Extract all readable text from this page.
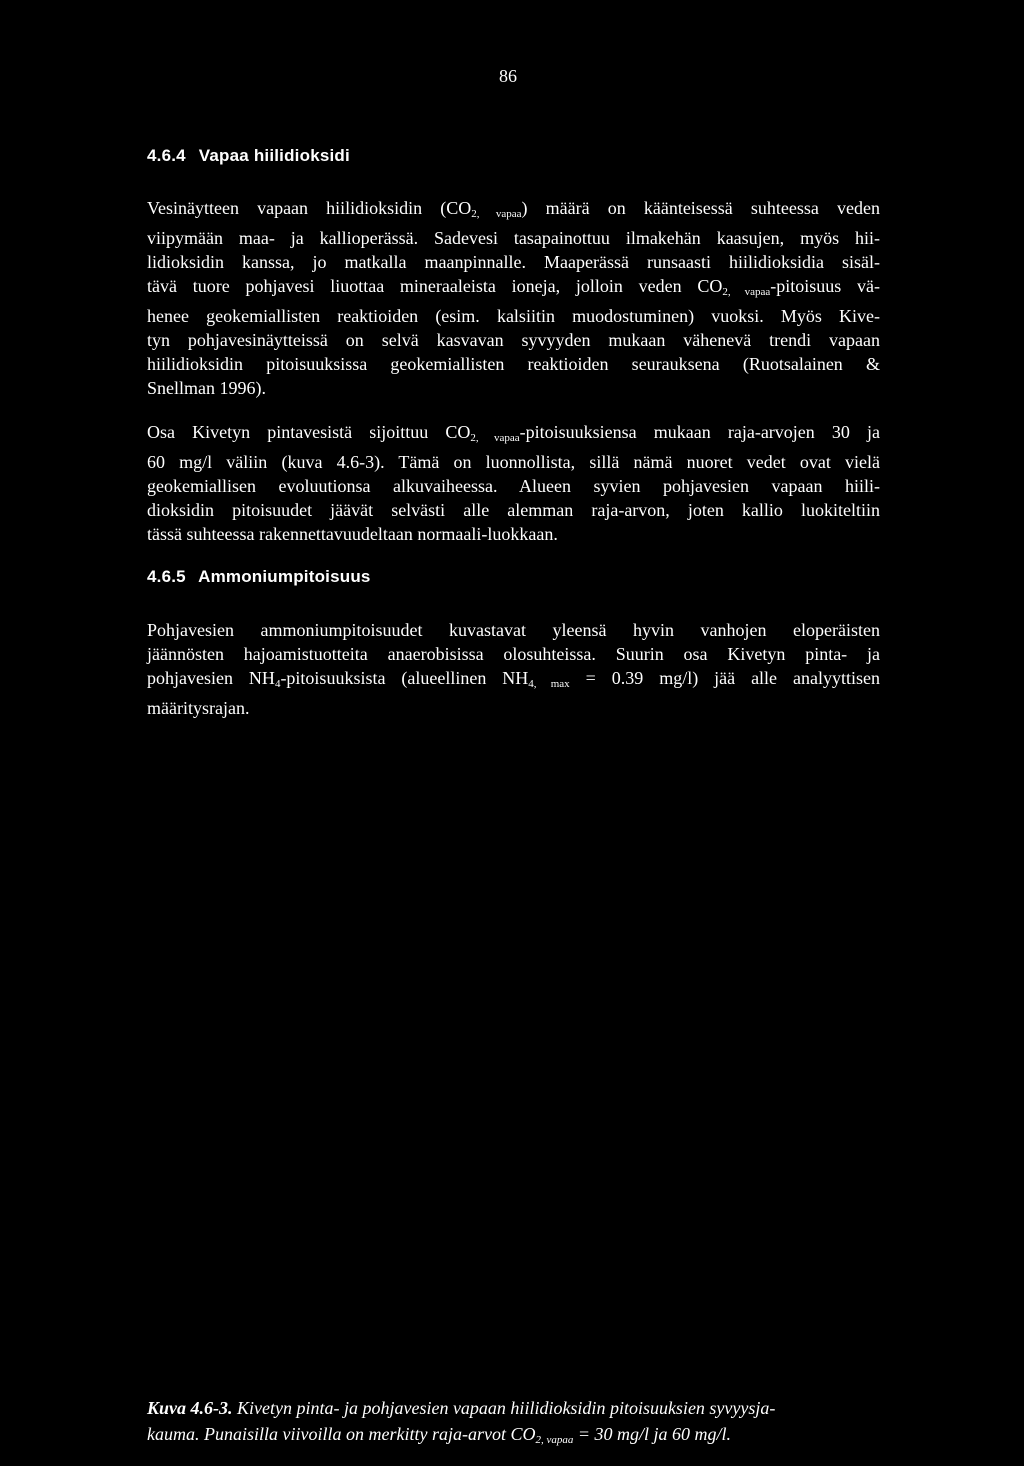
86
4.6.4 Vapaa hiilidioksidi
Vesinäytteen vapaan hiilidioksidin $(CO_{2, vapaa})$ määrä on käänteisessä suhteessa veden
viipymään maa- ja kallioperässä. Sadevesi tasapainottuu ilmakehän kaasujen, myös hii-
lidioksidin kanssa, jo matkalla maanpinnalle. Maaperässä runsaasti hiilidioksidia sisäl-
tävä tuore pohjavesi liuottaa mineraaleista ioneja, jolloin veden $CO_{2, vapaa}$-pitoisuus vä-
henee geokemiallisten reaktioiden (esim. kalsiitin muodostuminen) vuoksi. Myös Kive-
tyn pohjavesinäytteissä on selvä kasvavan syvyyden mukaan vähenevä trendi vapaan
hiilidioksidin pitoisuuksissa geokemiallisten reaktioiden seurauksena (Ruotsalainen &
Snellman 1996).
Osa Kivetyn pintavesistä sijoittuu $CO_{2, vapaa}$-pitoisuuksiensa mukaan raja-arvojen 30 ja
60 mg/l väliin (kuva 4.6-3). Tämä on luonnollista, sillä nämä nuoret vedet ovat vielä
geokemiallisen evoluutionsa alkuvaiheessa. Alueen syvien pohjavesien vapaan hiili-
dioksidin pitoisuudet jäävät selvästi alle alemman raja-arvon, joten kallio luokiteltiin
tässä suhteessa rakennettavuudeltaan normaali-luokkaan.
4.6.5 Ammoniumpitoisuus
Pohjavesien ammoniumpitoisuudet kuvastavat yleensä hyvin vanhojen eloperäisten
jäännösten hajoamistuotteita anaerobisissa olosuhteissa. Suurin osa Kivetyn pinta- ja
pohjavesien $NH_4$-pitoisuuksista (alueellinen $NH_{4, max} = 0.39$ mg/l) jää alle analyyttisen
määritysrajan.
Kuva 4.6-3. Kivetyn pinta- ja pohjavesien vapaan hiilidioksidin pitoisuuksien syvyysja-
kauma. Punaisilla viivoilla on merkitty raja-arvot $CO_{2, vapaa} = 30$ mg/l ja 60 mg/l.
